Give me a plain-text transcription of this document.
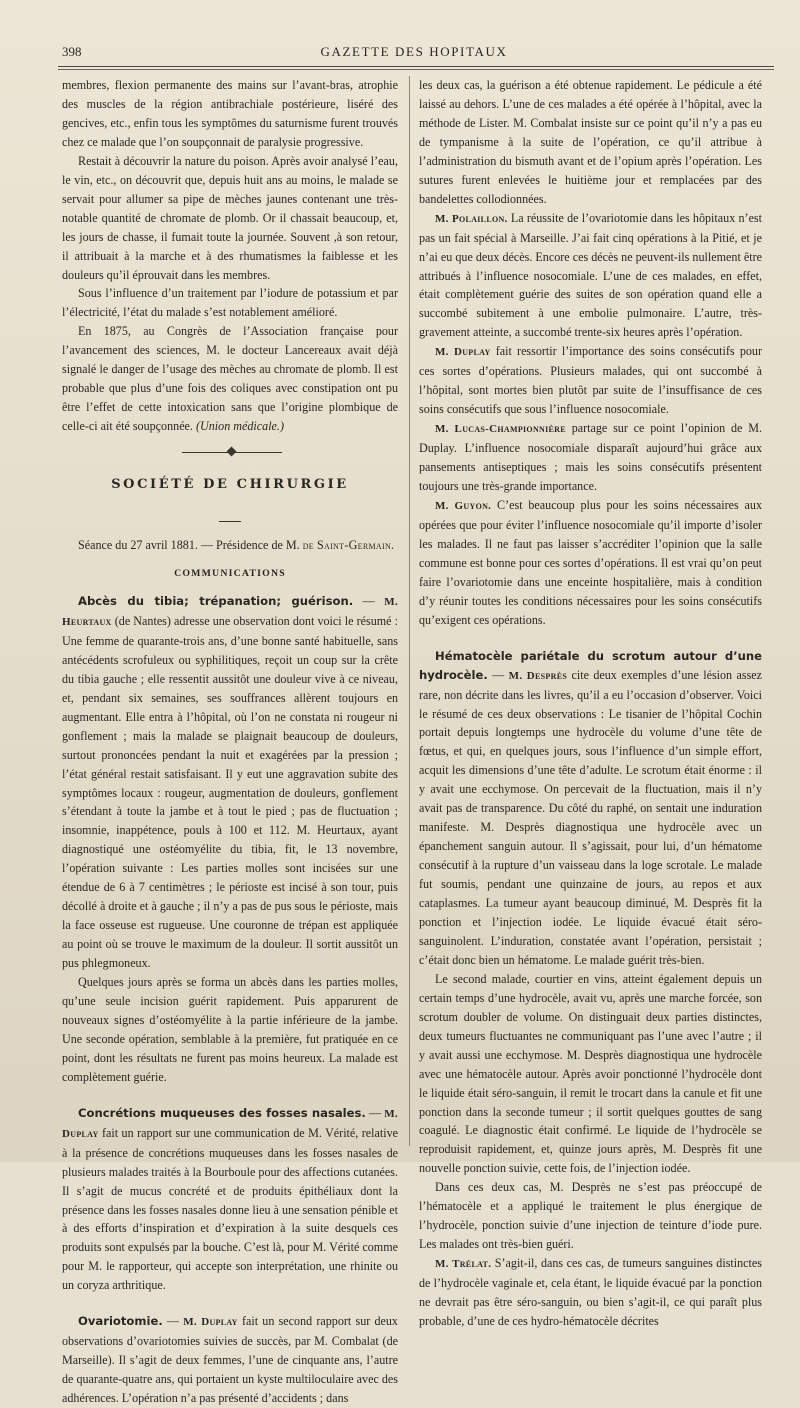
398	GAZETTE DES HOPITAUX

membres, flexion permanente des mains sur l’avant-bras, atrophie des muscles de la région antibrachiale postérieure, liséré des gencives, etc., enfin tous les symptômes du saturnisme furent trouvés chez ce malade que l’on soupçonnait de paralysie progressive.

Restait à découvrir la nature du poison. Après avoir analysé l’eau, le vin, etc., on découvrit que, depuis huit ans au moins, le malade se servait pour allumer sa pipe de mèches jaunes contenant une très-notable quantité de chromate de plomb. Or il chassait beaucoup, et, les jours de chasse, il fumait toute la journée. Souvent ,à son retour, il attribuait à la marche et à des rhumatismes la faiblesse et les douleurs qu’il éprouvait dans les membres.

Sous l’influence d’un traitement par l’iodure de potassium et par l’électricité, l’état du malade s’est notablement amélioré.

En 1875, au Congrès de l’Association française pour l’avancement des sciences, M. le docteur Lancereaux avait déjà signalé le danger de l’usage des mèches au chromate de plomb. Il est probable que plus d’une fois des coliques avec constipation ont pu être l’effet de cette intoxication sans que l’origine plombique de celle-ci ait été soupçonnée. (Union médicale.)

SOCIÉTÉ DE CHIRURGIE

Séance du 27 avril 1881. — Présidence de M. de Saint-Germain.

COMMUNICATIONS

Abcès du tibia; trépanation; guérison. — M. Heurtaux (de Nantes) adresse une observation dont voici le résumé : Une femme de quarante-trois ans, d’une bonne santé habituelle, sans antécédents scrofuleux ou syphilitiques, reçoit un coup sur la crête du tibia gauche ; elle ressentit aussitôt une douleur vive à ce niveau, et, pendant six semaines, ses souffrances allèrent toujours en augmentant. Elle entra à l’hôpital, où l’on ne constata ni rougeur ni gonflement ; mais la malade se plaignait beaucoup de douleurs, surtout prononcées pendant la nuit et exagérées par la pression ; l’état général restait satisfaisant. Il y eut une aggravation subite des symptômes locaux : rougeur, augmentation de douleurs, gonflement s’étendant à toute la jambe et à tout le pied ; pas de fluctuation ; insomnie, inappétence, pouls à 100 et 112. M. Heurtaux, ayant diagnostiqué une ostéomyélite du tibia, fit, le 13 novembre, l’opération suivante : Les parties molles sont incisées sur une étendue de 6 à 7 centimètres ; le périoste est incisé à son tour, puis décollé à droite et à gauche ; il n’y a pas de pus sous le périoste, mais la face osseuse est rugueuse. Une couronne de trépan est appliquée au point où se trouve le maximum de la douleur. Il sortit aussitôt un pus phlegmoneux.

Quelques jours après se forma un abcès dans les parties molles, qu’une seule incision guérit rapidement. Puis apparurent de nouveaux signes d’ostéomyélite à la partie inférieure de la jambe. Une seconde opération, semblable à la première, fut pratiquée en ce point, dont les résultats ne furent pas moins heureux. La malade est complètement guérie.

Concrétions muqueuses des fosses nasales. — M. Duplay fait un rapport sur une communication de M. Vérité, relative à la présence de concrétions muqueuses dans les fosses nasales de plusieurs malades traités à la Bourboule pour des affections cutanées. Il s’agit de mucus concrété et de produits épithéliaux dont la présence dans les fosses nasales donne lieu à une sensation pénible et à des efforts d’inspiration et d’expiration à la suite desquels ces produits sont expulsés par la bouche. C’est là, pour M. Vérité comme pour M. le rapporteur, qui accepte son interprétation, une rhinite ou un coryza arthritique.

Ovariotomie. — M. Duplay fait un second rapport sur deux observations d’ovariotomies suivies de succès, par M. Combalat (de Marseille). Il s’agit de deux femmes, l’une de cinquante ans, l’autre de quarante-quatre ans, qui portaient un kyste multiloculaire avec des adhérences. L’opération n’a pas présenté d’accidents ; dans

les deux cas, la guérison a été obtenue rapidement. Le pédicule a été laissé au dehors. L’une de ces malades a été opérée à l’hôpital, avec la méthode de Lister. M. Combalat insiste sur ce point qu’il n’y a pas eu de tympanisme à la suite de l’opération, ce qu’il attribue à l’administration du bismuth avant et de l’opium après l’opération. Les sutures furent enlevées le huitième jour et remplacées par des bandelettes collodionnées.

M. Polaillon. La réussite de l’ovariotomie dans les hôpitaux n’est pas un fait spécial à Marseille. J’ai fait cinq opérations à la Pitié, et je n’ai eu que deux décès. Encore ces décès ne peuvent-ils nullement être attribués à l’influence nosocomiale. L’une de ces malades, en effet, était complètement guérie des suites de son opération quand elle a succombé subitement à une embolie pulmonaire. L’autre, très-gravement atteinte, a succombé trente-six heures après l’opération.

M. Duplay fait ressortir l’importance des soins consécutifs pour ces sortes d’opérations. Plusieurs malades, qui ont succombé à l’hôpital, sont mortes bien plutôt par suite de l’insuffisance de ces soins consécutifs que sous l’influence nosocomiale.

M. Lucas-Championnière partage sur ce point l’opinion de M. Duplay. L’influence nosocomiale disparaît aujourd’hui grâce aux pansements antiseptiques ; mais les soins consécutifs présentent toujours une très-grande importance.

M. Guyon. C’est beaucoup plus pour les soins nécessaires aux opérées que pour éviter l’influence nosocomiale qu’il importe d’isoler les malades. Il ne faut pas laisser s’accréditer l’opinion que la salle commune est bonne pour ces sortes d’opérations. Il est vrai qu’on peut faire l’ovariotomie dans une enceinte hospitalière, mais à condition d’y réunir toutes les conditions nécessaires pour les soins consécutifs qu’exigent ces opérations.

Hématocèle pariétale du scrotum autour d’une hydrocèle. — M. Desprès cite deux exemples d’une lésion assez rare, non décrite dans les livres, qu’il a eu l’occasion d’observer. Voici le résumé de ces deux observations : Le tisanier de l’hôpital Cochin portait depuis longtemps une hydrocèle du volume d’une tête de fœtus, et qui, en quelques jours, sous l’influence d’un simple effort, acquit les dimensions d’une tête d’adulte. Le scrotum était énorme : il y avait une ecchymose. On percevait de la fluctuation, mais il n’y avait pas de transparence. Du côté du raphé, on sentait une induration manifeste. M. Desprès diagnostiqua une hydrocèle avec un épanchement sanguin autour. Il s’agissait, pour lui, d’un hématome consécutif à la rupture d’un vaisseau dans la loge scrotale. Le malade fut soumis, pendant une quinzaine de jours, au repos et aux cataplasmes. La tumeur ayant beaucoup diminué, M. Desprès fit la ponction et l’injection iodée. Le liquide évacué était séro-sanguinolent. L’induration, constatée avant l’opération, persistait ; c’était donc bien un hématome. Le malade guérit très-bien.

Le second malade, courtier en vins, atteint également depuis un certain temps d’une hydrocèle, avait vu, après une marche forcée, son scrotum doubler de volume. On distinguait deux parties distinctes, deux tumeurs fluctuantes ne communiquant pas l’une avec l’autre ; il y avait aussi une ecchymose. M. Desprès diagnostiqua une hydrocèle avec une hématocèle autour. Après avoir ponctionné l’hydrocèle dont le liquide était séro-sanguin, il remit le trocart dans la canule et fit une ponction dans la seconde tumeur ; il sortit quelques gouttes de sang coagulé. Le diagnostic était confirmé. Le liquide de l’hydrocèle se reproduisit rapidement, et, quinze jours après, M. Desprès fit une nouvelle ponction suivie, cette fois, de l’injection iodée.

Dans ces deux cas, M. Desprès ne s’est pas préoccupé de l’hématocèle et a appliqué le traitement le plus énergique de l’hydrocèle, ponction suivie d’une injection de teinture d’iode pure. Les malades ont très-bien guéri.

M. Trélat. S’agit-il, dans ces cas, de tumeurs sanguines distinctes de l’hydrocèle vaginale et, cela étant, le liquide évacué par la ponction ne devrait pas être séro-sanguin, ou bien s’agit-il, ce qui paraît plus probable, d’une de ces hydro-hématocèle décrites
